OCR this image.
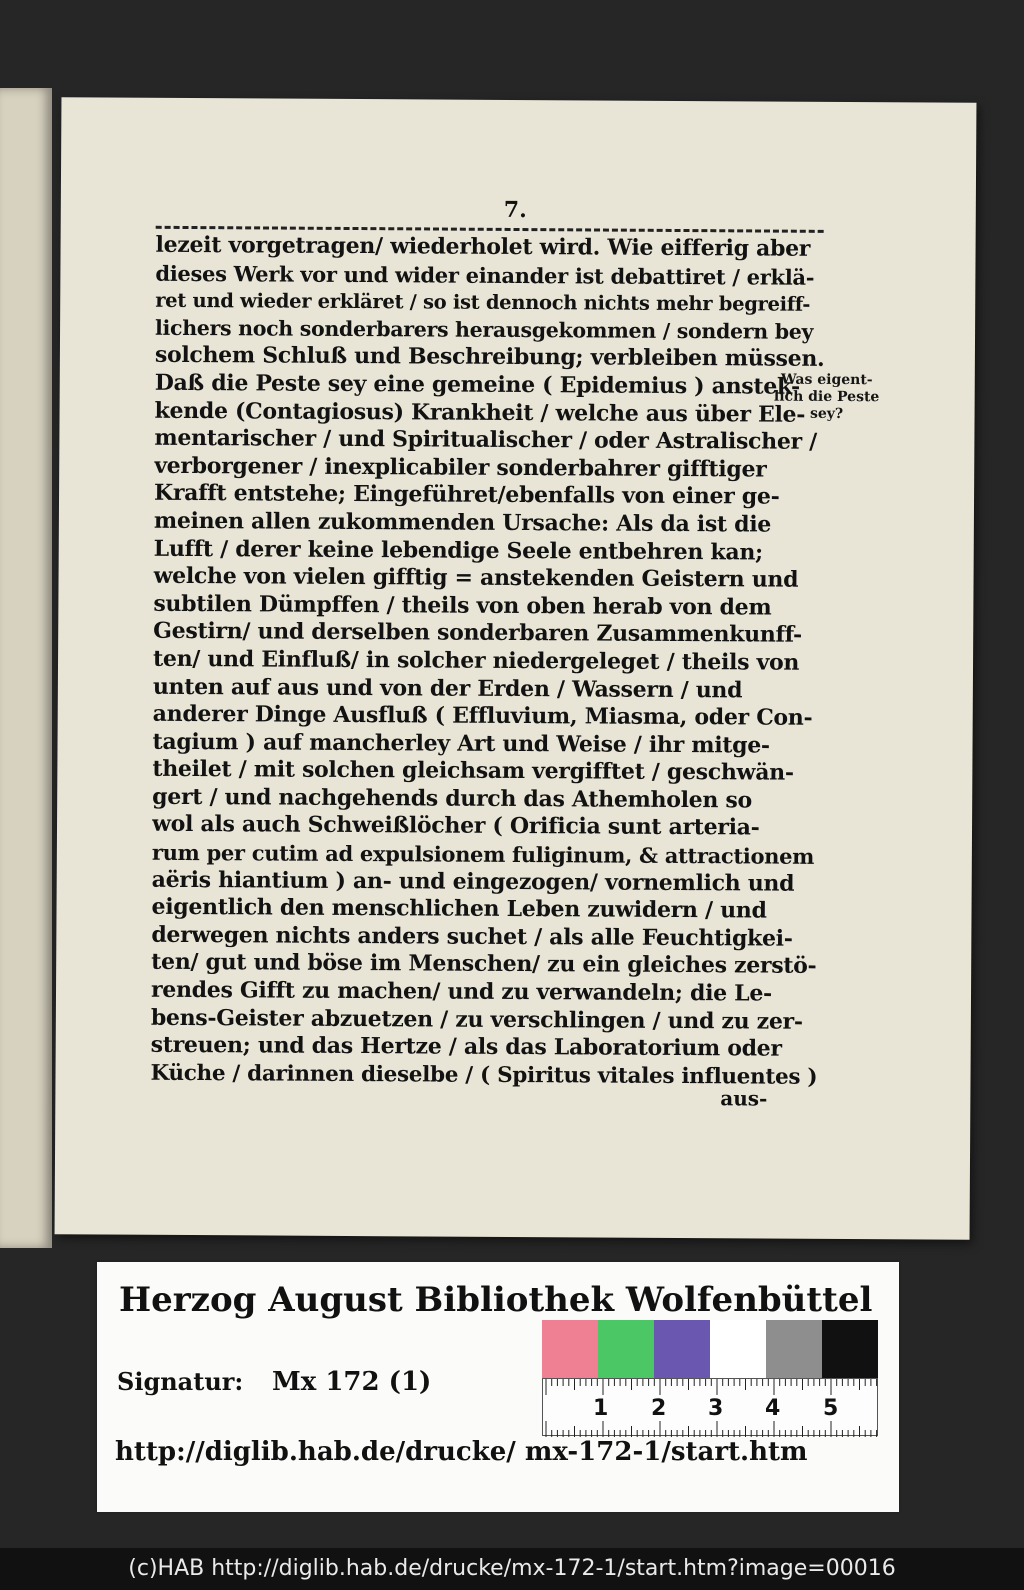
7.
lezeit vorgetragen/ wiederholet wird. Wie eifferig aber
dieses Werk vor und wider einander ist debattiret / erklä-
ret und wieder erkläret / so ist dennoch nichts mehr begreiff-
lichers noch sonderbarers herausgekommen / sondern bey
solchem Schluß und Beschreibung; verbleiben müssen.
Daß die Peste sey eine gemeine ( Epidemius ) anstek-
kende (Contagiosus) Krankheit / welche aus über Ele-
mentarischer / und Spiritualischer / oder Astralischer /
verborgener / inexplicabiler sonderbahrer gifftiger
Krafft entstehe; Eingeführet/ebenfalls von einer ge-
meinen allen zukommenden Ursache: Als da ist die
Lufft / derer keine lebendige Seele entbehren kan;
welche von vielen gifftig = anstekenden Geistern und
subtilen Dümpffen / theils von oben herab von dem
Gestirn/ und derselben sonderbaren Zusammenkunff-
ten/ und Einfluß/ in solcher niedergeleget / theils von
unten auf aus und von der Erden / Wassern / und
anderer Dinge Ausfluß ( Effluvium, Miasma, oder Con-
tagium ) auf mancherley Art und Weise / ihr mitge-
theilet / mit solchen gleichsam vergifftet / geschwän-
gert / und nachgehends durch das Athemholen so
wol als auch Schweißlöcher ( Orificia sunt arteria-
rum per cutim ad expulsionem fuliginum, & attractionem
aëris hiantium ) an- und eingezogen/ vornemlich und
eigentlich den menschlichen Leben zuwidern / und
derwegen nichts anders suchet / als alle Feuchtigkei-
ten/ gut und böse im Menschen/ zu ein gleiches zerstö-
rendes Gifft zu machen/ und zu verwandeln; die Le-
bens-Geister abzuetzen / zu verschlingen / und zu zer-
streuen; und das Hertze / als das Laboratorium oder
Küche / darinnen dieselbe / ( Spiritus vitales influentes )
Was eigent-
lich die Peste
sey?
aus-
Herzog August Bibliothek Wolfenbüttel
1 2 3 4 5
Signatur: Mx 172 (1)
http://diglib.hab.de/drucke/ mx-172-1/start.htm
(c)HAB http://diglib.hab.de/drucke/mx-172-1/start.htm?image=00016
